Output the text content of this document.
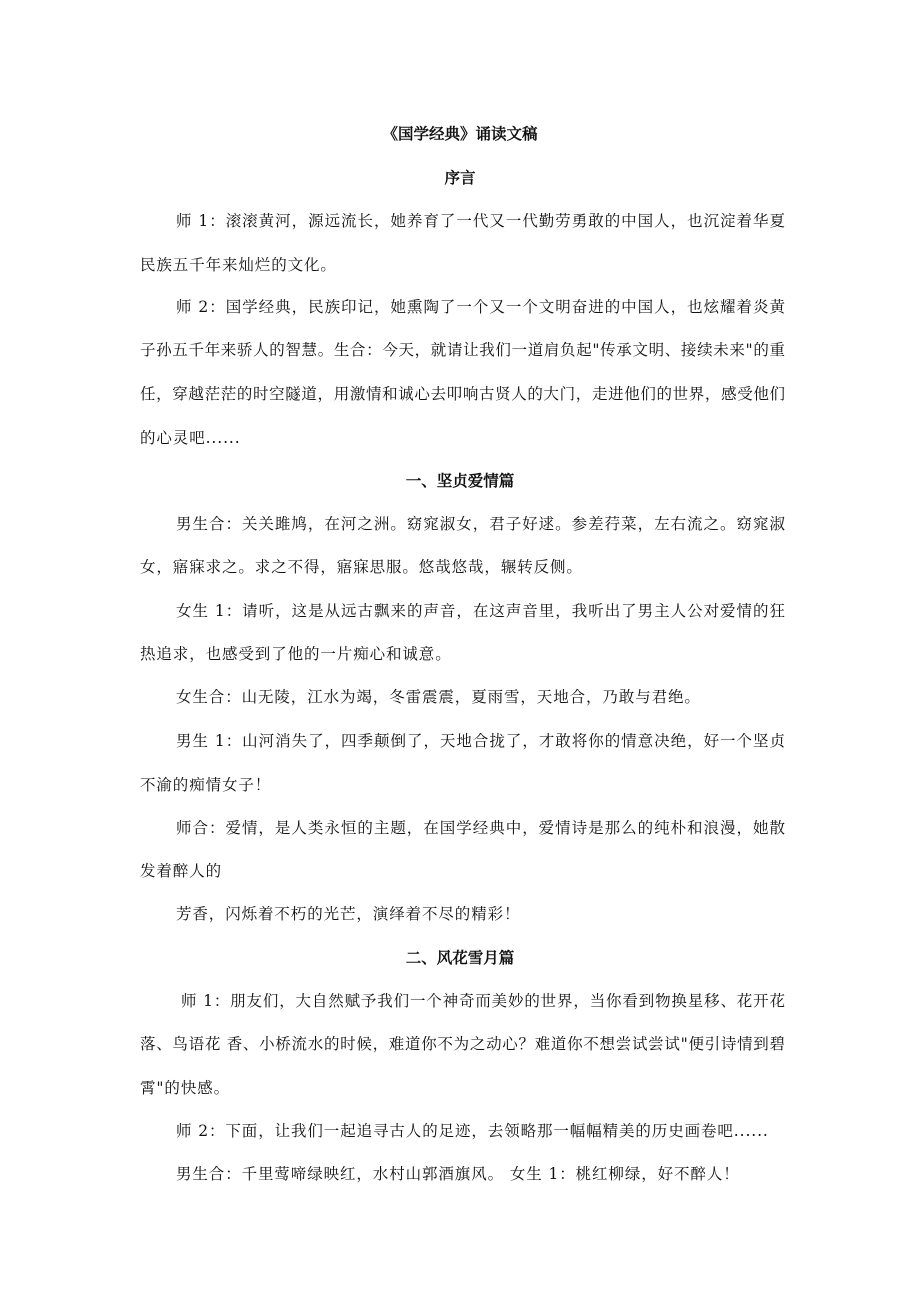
《国学经典》诵读文稿
序言
师 1：滚滚黄河，源远流长，她养育了一代又一代勤劳勇敢的中国人，也沉淀着华夏
民族五千年来灿烂的文化。
师 2：国学经典，民族印记，她熏陶了一个又一个文明奋进的中国人，也炫耀着炎黄
子孙五千年来骄人的智慧。生合：今天，就请让我们一道肩负起"传承文明、接续未来"的重
任，穿越茫茫的时空隧道，用激情和诚心去叩响古贤人的大门，走进他们的世界，感受他们
的心灵吧......
一、坚贞爱情篇
男生合：关关雎鸠，在河之洲。窈窕淑女，君子好逑。参差荇菜，左右流之。窈窕淑
女，寤寐求之。求之不得，寤寐思服。悠哉悠哉，辗转反侧。
女生 1：请听，这是从远古飘来的声音，在这声音里，我听出了男主人公对爱情的狂
热追求，也感受到了他的一片痴心和诚意。
女生合：山无陵，江水为竭，冬雷震震，夏雨雪，天地合，乃敢与君绝。
男生 1：山河消失了，四季颠倒了，天地合拢了，才敢将你的情意决绝，好一个坚贞
不渝的痴情女子！
师合：爱情，是人类永恒的主题，在国学经典中，爱情诗是那么的纯朴和浪漫，她散
发着醉人的
芳香，闪烁着不朽的光芒，演绎着不尽的精彩！
二、风花雪月篇
师 1：朋友们，大自然赋予我们一个神奇而美妙的世界，当你看到物换星移、花开花
落、鸟语花 香、小桥流水的时候，难道你不为之动心？难道你不想尝试尝试"便引诗情到碧
霄"的快感。
师 2：下面，让我们一起追寻古人的足迹，去领略那一幅幅精美的历史画卷吧......
男生合：千里莺啼绿映红，水村山郭酒旗风。 女生 1：桃红柳绿，好不醉人！
